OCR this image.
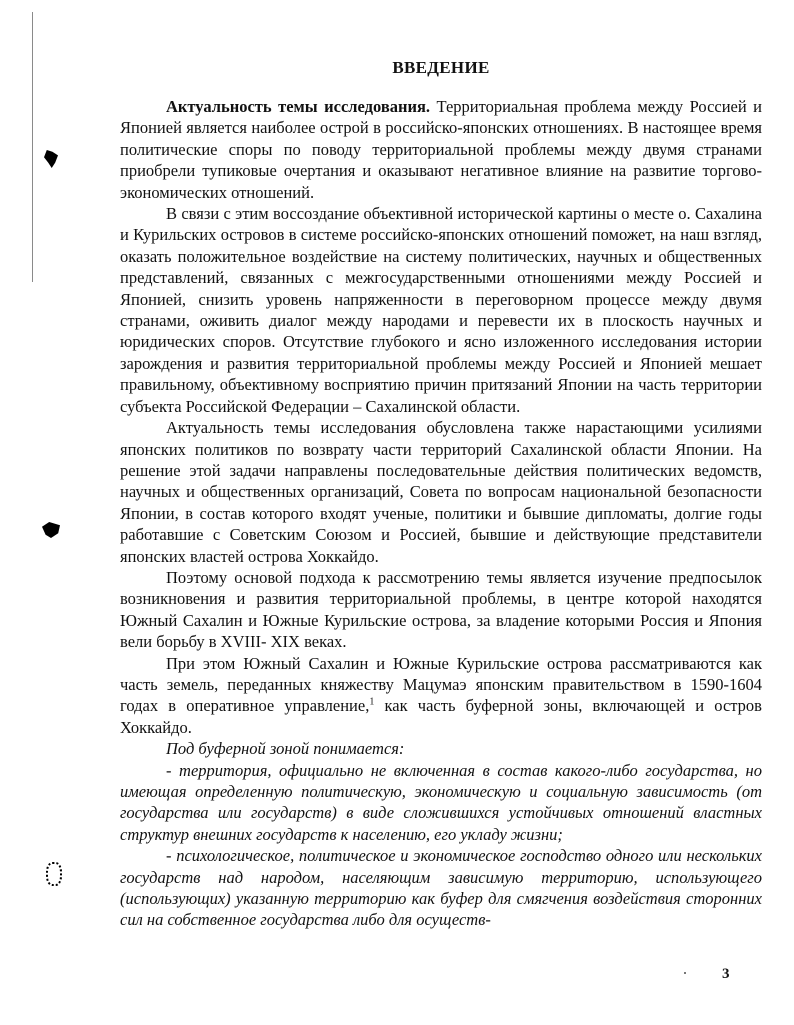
ВВЕДЕНИЕ

Актуальность темы исследования. Территориальная проблема между Россией и Японией является наиболее острой в российско-японских отношениях. В настоящее время политические споры по поводу территориальной проблемы между двумя странами приобрели тупиковые очертания и оказывают негативное влияние на развитие торгово-экономических отношений.

В связи с этим воссоздание объективной исторической картины о месте о. Сахалина и Курильских островов в системе российско-японских отношений поможет, на наш взгляд, оказать положительное воздействие на систему политических, научных и общественных представлений, связанных с межгосударственными отношениями между Россией и Японией, снизить уровень напряженности в переговорном процессе между двумя странами, оживить диалог между народами и перевести их в плоскость научных и юридических споров. Отсутствие глубокого и ясно изложенного исследования истории зарождения и развития территориальной проблемы между Россией и Японией мешает правильному, объективному восприятию причин притязаний Японии на часть территории субъекта Российской Федерации – Сахалинской области.

Актуальность темы исследования обусловлена также нарастающими усилиями японских политиков по возврату части территорий Сахалинской области Японии. На решение этой задачи направлены последовательные действия политических ведомств, научных и общественных организаций, Совета по вопросам национальной безопасности Японии, в состав которого входят ученые, политики и бывшие дипломаты, долгие годы работавшие с Советским Союзом и Россией, бывшие и действующие представители японских властей острова Хоккайдо.

Поэтому основой подхода к рассмотрению темы является изучение предпосылок возникновения и развития территориальной проблемы, в центре которой находятся Южный Сахалин и Южные Курильские острова, за владение которыми Россия и Япония вели борьбу в XVIII- XIX веках.

При этом Южный Сахалин и Южные Курильские острова рассматриваются как часть земель, переданных княжеству Мацумаэ японским правительством в 1590-1604 годах в оперативное управление,$^1$ как часть буферной зоны, включающей и остров Хоккайдо.

Под буферной зоной понимается:

- территория, официально не включенная в состав какого-либо государства, но имеющая определенную политическую, экономическую и социальную зависимость (от государства или государств) в виде сложившихся устойчивых отношений властных структур внешних государств к населению, его укладу жизни;

- психологическое, политическое и экономическое господство одного или нескольких государств над народом, населяющим зависимую территорию, использующего (использующих) указанную территорию как буфер для смягчения воздействия сторонних сил на собственное государства либо для осуществ-

3
